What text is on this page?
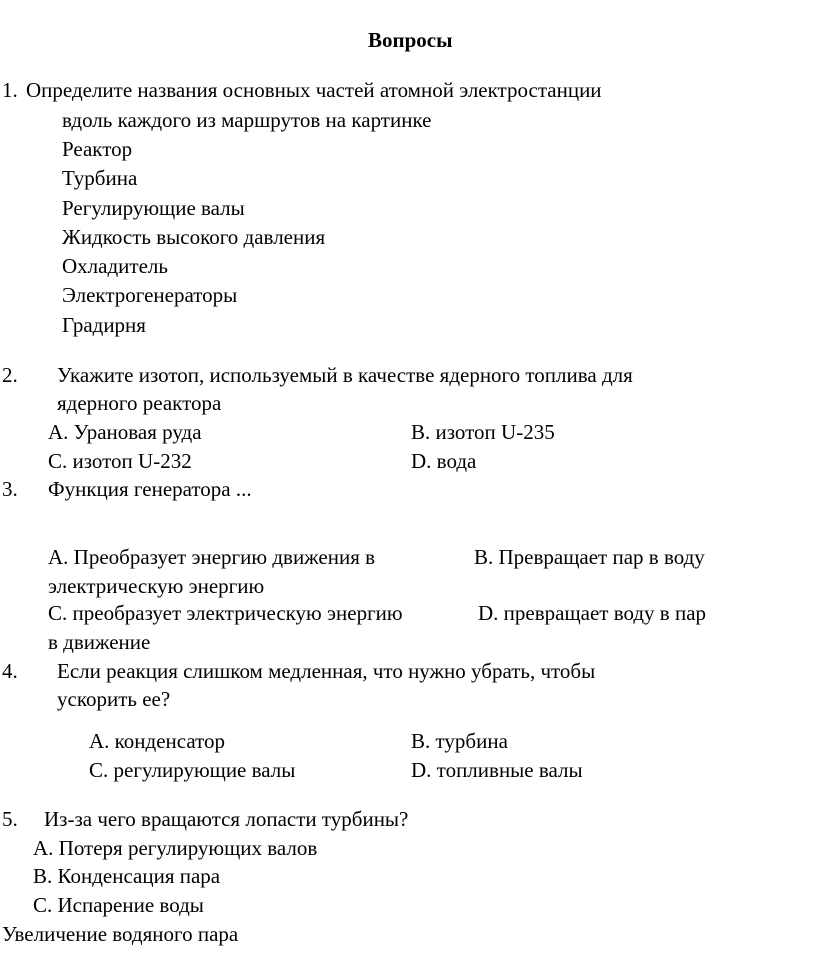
Вопросы
1. Определите названия основных частей атомной электростанции
вдоль каждого из маршрутов на картинке
Реактор
Турбина
Регулирующие валы
Жидкость высокого давления
Охладитель
Электрогенераторы
Градирня
2. Укажите изотоп, используемый в качестве ядерного топлива для
ядерного реактора
A. Урановая руда	B. изотоп U-235
C. изотоп U-232	D. вода
3. Функция генератора ...
A. Преобразует энергию движения в	B. Превращает пар в воду
электрическую энергию
C. преобразует электрическую энергию	D. превращает воду в пар
в движение
4. Если реакция слишком медленная, что нужно убрать, чтобы
ускорить ее?
A. конденсатор	B. турбина
C. регулирующие валы	D. топливные валы
5. Из-за чего вращаются лопасти турбины?
A. Потеря регулирующих валов
B. Конденсация пара
C. Испарение воды
Увеличение водяного пара
